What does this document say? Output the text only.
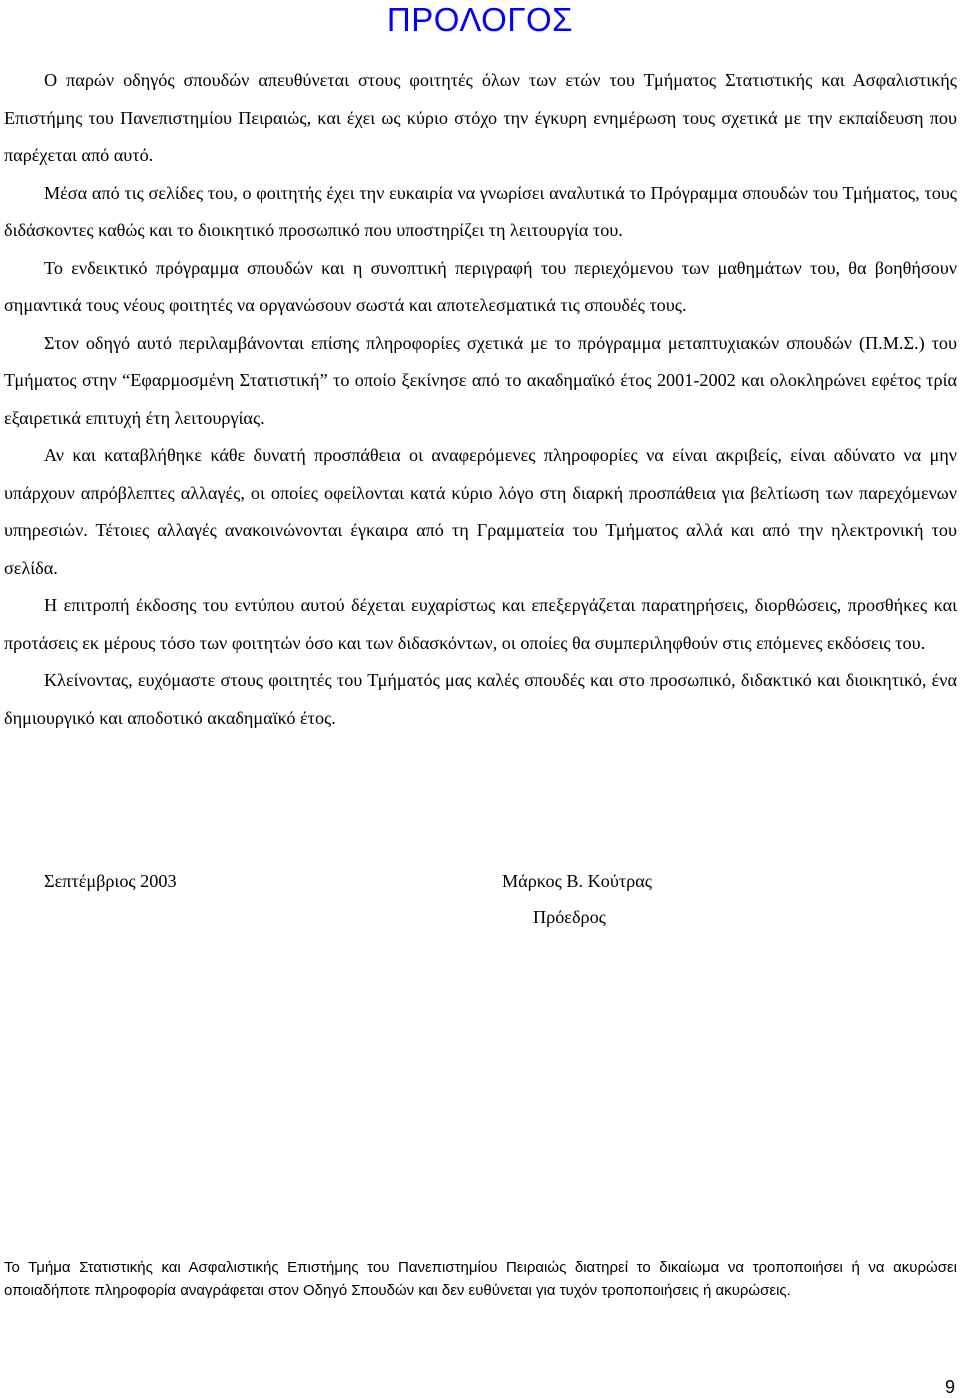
ΠΡΟΛΟΓΟΣ

Ο παρών οδηγός σπουδών απευθύνεται στους φοιτητές όλων των ετών του Τμήματος Στατιστικής και Ασφαλιστικής Επιστήμης του Πανεπιστημίου Πειραιώς, και έχει ως κύριο στόχο την έγκυρη ενημέρωση τους σχετικά με την εκπαίδευση που παρέχεται από αυτό.

Μέσα από τις σελίδες του, ο φοιτητής έχει την ευκαιρία να γνωρίσει αναλυτικά το Πρόγραμμα σπουδών του Τμήματος, τους διδάσκοντες καθώς και το διοικητικό προσωπικό που υποστηρίζει τη λειτουργία του.

Το ενδεικτικό πρόγραμμα σπουδών και η συνοπτική περιγραφή του περιεχόμενου των μαθημάτων του, θα βοηθήσουν σημαντικά τους νέους φοιτητές να οργανώσουν σωστά και αποτελεσματικά τις σπουδές τους.

Στον οδηγό αυτό περιλαμβάνονται επίσης πληροφορίες σχετικά με το πρόγραμμα μεταπτυχιακών σπουδών (Π.Μ.Σ.) του Τμήματος στην “Εφαρμοσμένη Στατιστική” το οποίο ξεκίνησε από το ακαδημαϊκό έτος 2001-2002 και ολοκληρώνει εφέτος τρία εξαιρετικά επιτυχή έτη λειτουργίας.

Αν και καταβλήθηκε κάθε δυνατή προσπάθεια οι αναφερόμενες πληροφορίες να είναι ακριβείς, είναι αδύνατο να μην υπάρχουν απρόβλεπτες αλλαγές, οι οποίες οφείλονται κατά κύριο λόγο στη διαρκή προσπάθεια για βελτίωση των παρεχόμενων υπηρεσιών. Τέτοιες αλλαγές ανακοινώνονται έγκαιρα από τη Γραμματεία του Τμήματος αλλά και από την ηλεκτρονική του σελίδα.

Η επιτροπή έκδοσης του εντύπου αυτού δέχεται ευχαρίστως και επεξεργάζεται παρατηρήσεις, διορθώσεις, προσθήκες και προτάσεις εκ μέρους τόσο των φοιτητών όσο και των διδασκόντων, οι οποίες θα συμπεριληφθούν στις επόμενες εκδόσεις του.

Κλείνοντας, ευχόμαστε στους φοιτητές του Τμήματός μας καλές σπουδές και στο προσωπικό, διδακτικό και διοικητικό, ένα δημιουργικό και αποδοτικό ακαδημαϊκό έτος.

Σεπτέμβριος 2003	Μάρκος Β. Κούτρας
Πρόεδρος
Το Τμήμα Στατιστικής και Ασφαλιστικής Επιστήμης του Πανεπιστημίου Πειραιώς διατηρεί το δικαίωμα να τροποποιήσει ή να ακυρώσει οποιαδήποτε πληροφορία αναγράφεται στον Οδηγό Σπουδών και δεν ευθύνεται για τυχόν τροποποιήσεις ή ακυρώσεις.
9
